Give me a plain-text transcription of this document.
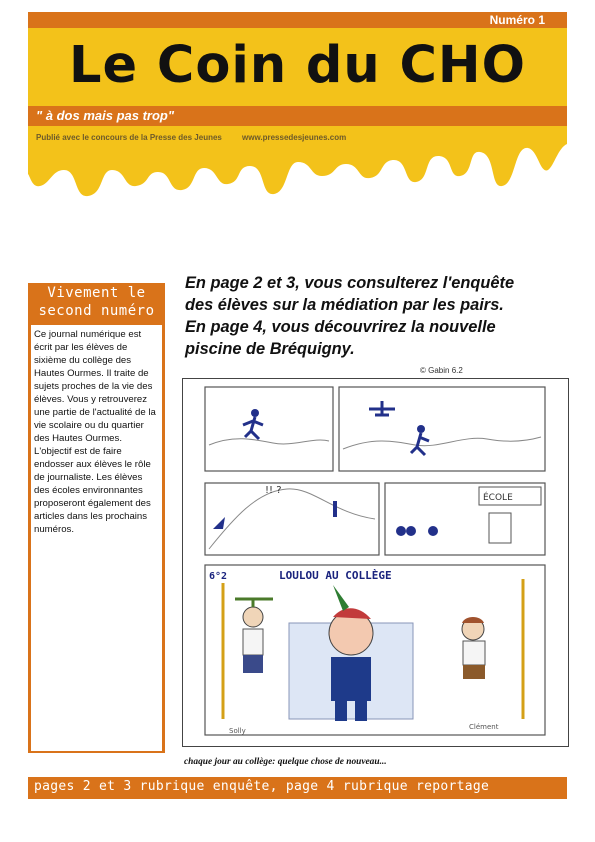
Numéro 1
Le Coin du CHO
" à dos mais pas trop"
Publié avec le concours de la Presse des Jeunes	www.pressedesjeunes.com
Vivement le
second numéro
Ce journal numérique est écrit par les élèves de sixième du collège des Hautes Ourmes. Il traite de sujets proches de la vie des élèves. Vous y retrouverez une partie de l'actualité de la vie scolaire ou du quartier des Hautes Ourmes. L'objectif est de faire endosser aux élèves le rôle de journaliste. Les élèves des écoles environnantes proposeront également des articles dans les prochains numéros.
En page 2 et 3, vous consulterez l'enquête
des élèves sur la médiation par les pairs.
En page 4, vous découvrirez la nouvelle
piscine de Bréquigny.
© Gabin 6.2
!! ?
ÉCOLE
6°2	LOULOU AU COLLÈGE
Solly	Clément
chaque jour au collège: quelque chose de nouveau...
pages 2 et 3 rubrique enquête, page 4 rubrique reportage
